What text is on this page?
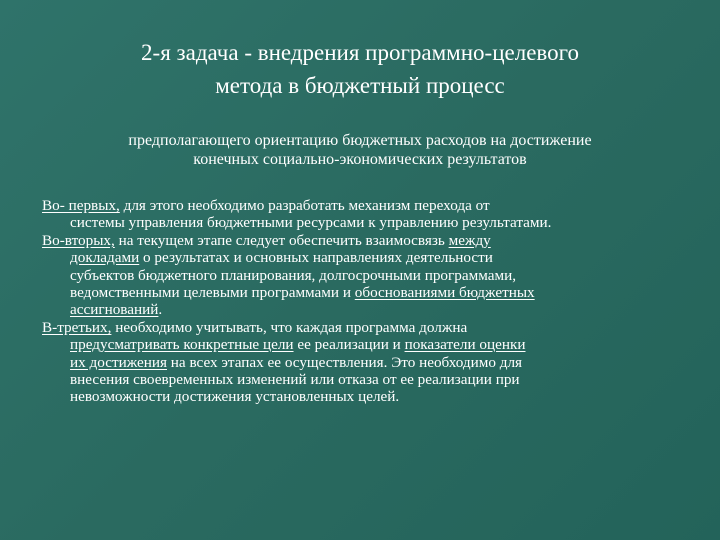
2-я задача - внедрения программно-целевого
метода в бюджетный процесс
предполагающего ориентацию бюджетных расходов на достижение
конечных социально-экономических результатов

Во- первых, для этого необходимо разработать механизм перехода от
системы управления бюджетными ресурсами к управлению результатами.

Во-вторых, на текущем этапе следует обеспечить взаимосвязь между
докладами о результатах и основных направлениях деятельности
субъектов бюджетного планирования, долгосрочными программами,
ведомственными целевыми программами и обоснованиями бюджетных
ассигнований.

В-третьих, необходимо учитывать, что каждая программа должна
предусматривать конкретные цели ее реализации и показатели оценки
их достижения на всех этапах ее осуществления. Это необходимо для
внесения своевременных изменений или отказа от ее реализации при
невозможности достижения установленных целей.
